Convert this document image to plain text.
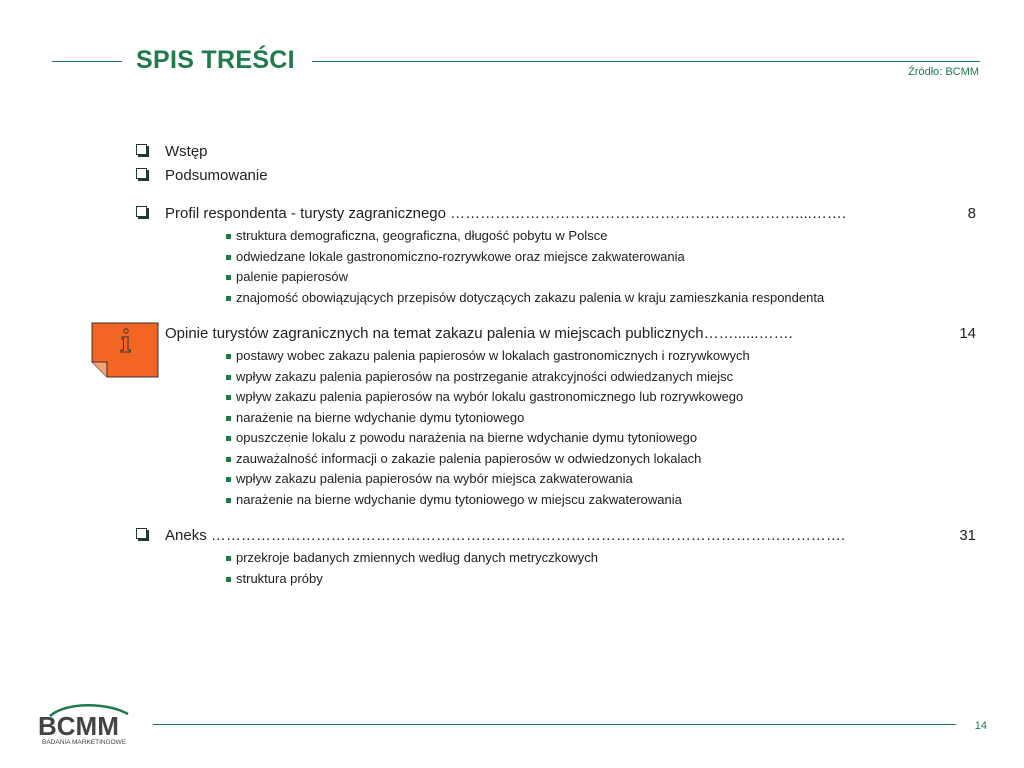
SPIS TREŚCI	Źródło: BCMM
Wstęp
Podsumowanie
Profil respondenta - turysty zagranicznego ……………………………………………………………....…….	8
struktura demograficzna, geograficzna, długość pobytu w Polsce
odwiedzane lokale gastronomiczno-rozrywkowe oraz miejsce zakwaterowania
palenie papierosów
znajomość obowiązujących przepisów dotyczących zakazu palenia w kraju zamieszkania respondenta
Opinie turystów zagranicznych na temat zakazu palenia w miejscach publicznych……......…….	14
postawy wobec zakazu palenia papierosów w lokalach gastronomicznych i rozrywkowych
wpływ zakazu palenia papierosów na postrzeganie atrakcyjności odwiedzanych miejsc
wpływ zakazu palenia papierosów na wybór lokalu gastronomicznego lub rozrywkowego
narażenie na bierne wdychanie dymu tytoniowego
opuszczenie lokalu z powodu narażenia na bierne wdychanie dymu tytoniowego
zauważalność informacji o zakazie palenia papierosów w odwiedzonych lokalach
wpływ zakazu palenia papierosów na wybór miejsca zakwaterowania
narażenie na bierne wdychanie dymu tytoniowego w miejscu zakwaterowania
Aneks ……………………………………………………………………………………………………………….	31
przekroje badanych zmiennych według danych metryczkowych
struktura próby
BCMM
BADANIA MARKETINGOWE
14
